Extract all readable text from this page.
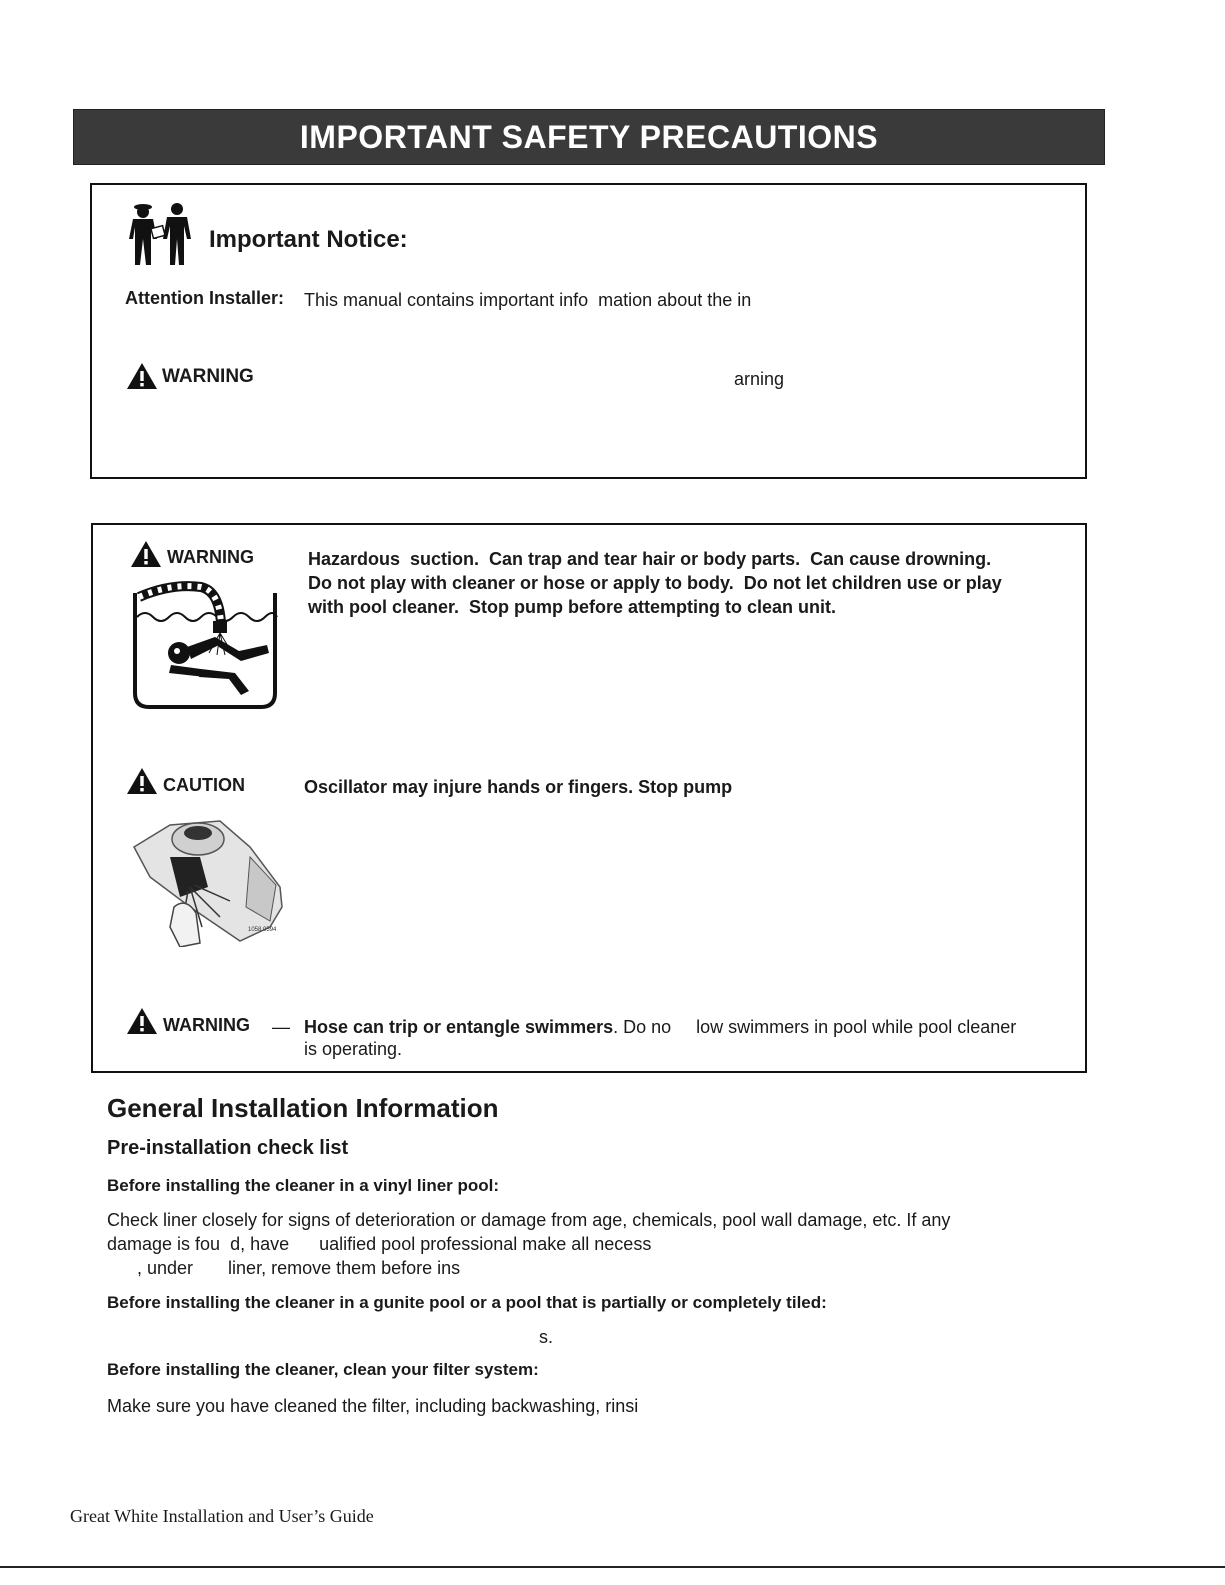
IMPORTANT SAFETY PRECAUTIONS
Important Notice:
Attention Installer: This manual contains important info  mation about the in
WARNING	arning
WARNING	Hazardous  suction.  Can trap and tear hair or body parts.  Can cause drowning.
Do not play with cleaner or hose or apply to body.  Do not let children use or play
with pool cleaner.  Stop pump before attempting to clean unit.
CAUTION	Oscillator may injure hands or fingers. Stop pump
1058 0594
WARNING — Hose can trip or entangle swimmers. Do no     low swimmers in pool while pool cleaner
is operating.
General Installation Information
Pre-installation check list
Before installing the cleaner in a vinyl liner pool:
Check liner closely for signs of deterioration or damage from age, chemicals, pool wall damage, etc. If any
damage is fou  d, have      ualified pool professional make all necess
, under       liner, remove them before ins
Before installing the cleaner in a gunite pool or a pool that is partially or completely tiled:
s.
Before installing the cleaner, clean your filter system:
Make sure you have cleaned the filter, including backwashing, rinsi
Great White Installation and User’s Guide
